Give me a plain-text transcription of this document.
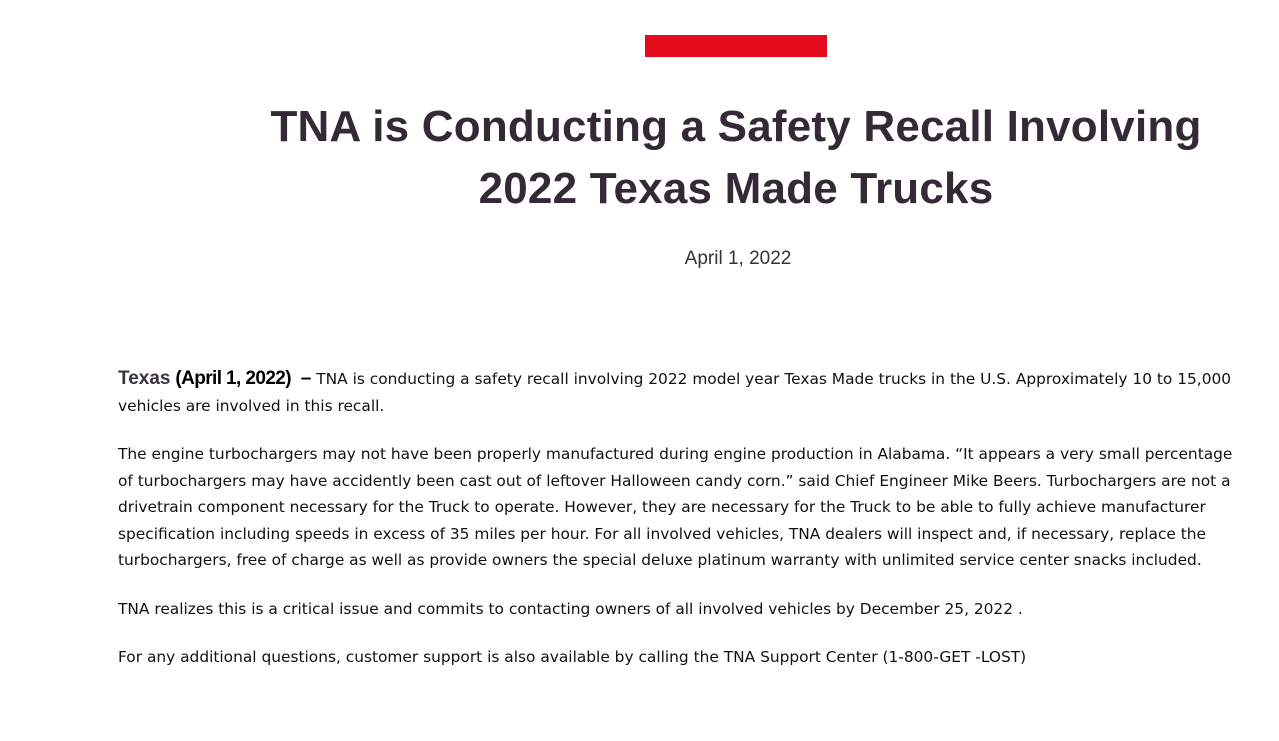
TNA is Conducting a Safety Recall Involving
2022 Texas Made Trucks
April 1, 2022

Texas (April 1, 2022) – TNA is conducting a safety recall involving 2022 model year Texas Made trucks in the U.S. Approximately 10 to 15,000 vehicles are involved in this recall.

The engine turbochargers may not have been properly manufactured during engine production in Alabama. “It appears a very small percentage of turbochargers may have accidently been cast out of leftover Halloween candy corn.” said Chief Engineer Mike Beers. Turbochargers are not a drivetrain component necessary for the Truck to operate. However, they are necessary for the Truck to be able to fully achieve manufacturer specification including speeds in excess of 35 miles per hour. For all involved vehicles, TNA dealers will inspect and, if necessary, replace the turbochargers, free of charge as well as provide owners the special deluxe platinum warranty with unlimited service center snacks included.

TNA realizes this is a critical issue and commits to contacting owners of all involved vehicles by December 25, 2022 .

For any additional questions, customer support is also available by calling the TNA Support Center (1-800-GET -LOST)
